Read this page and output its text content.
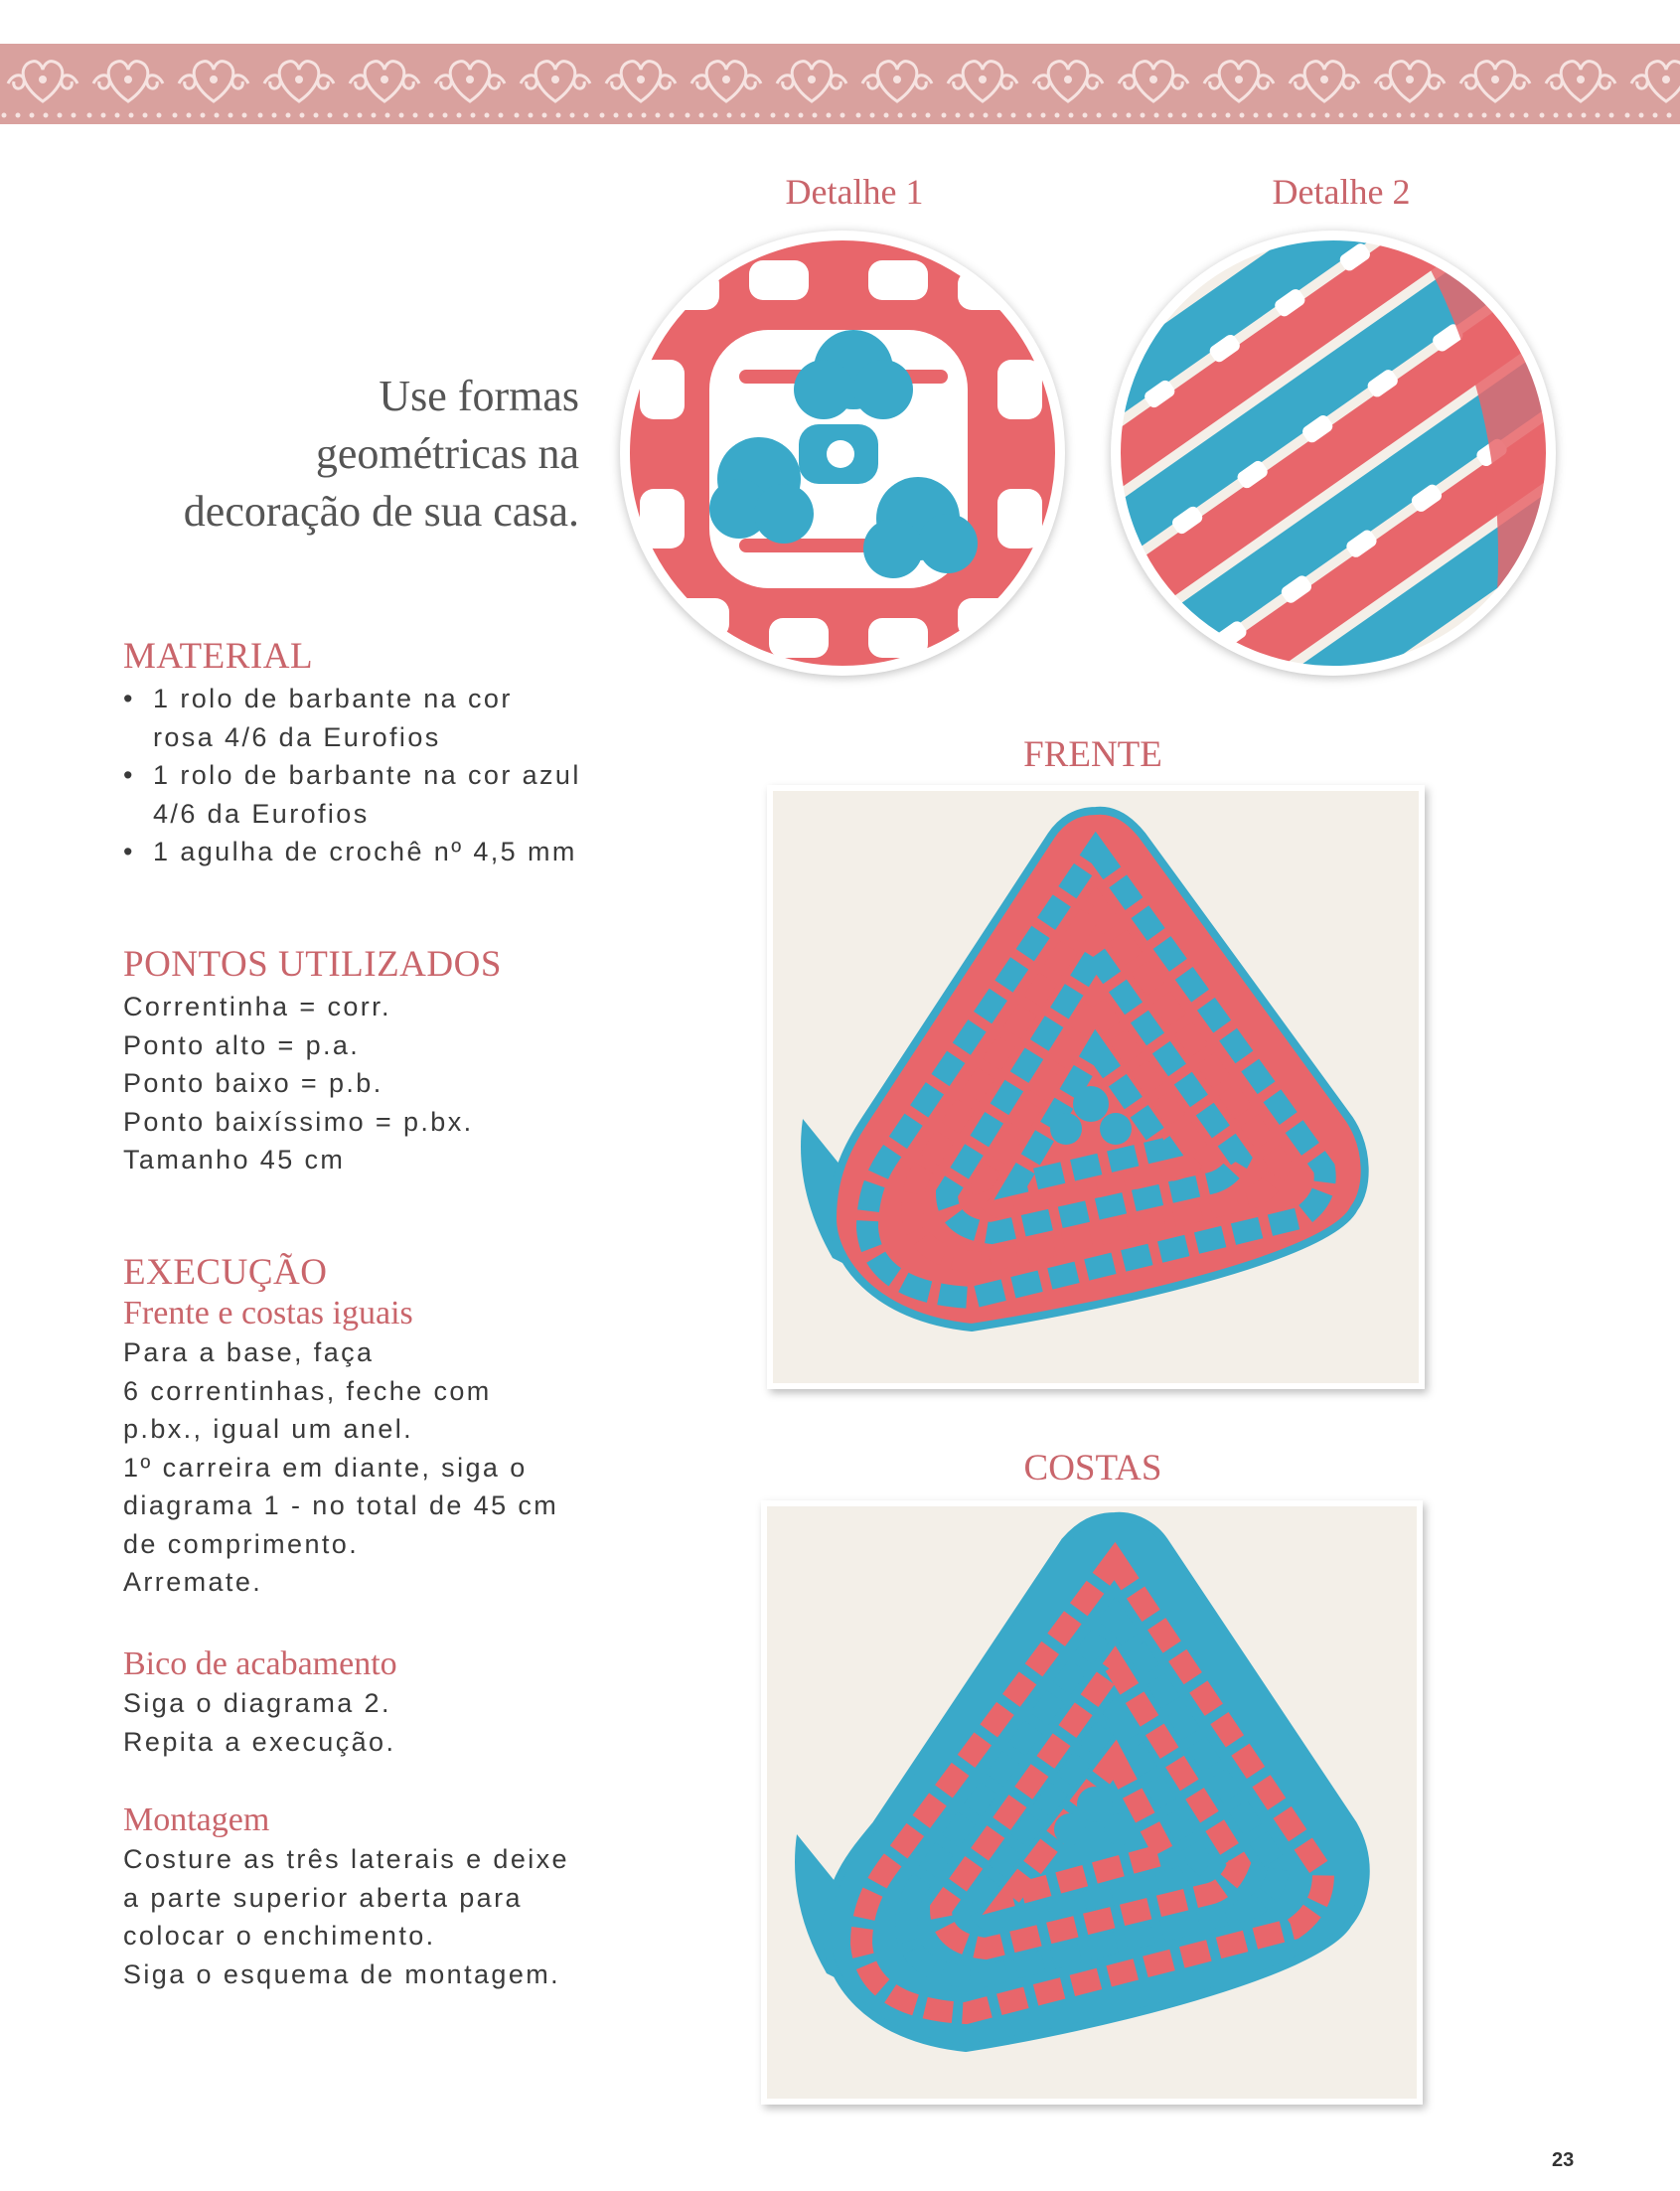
Use formas
geométricas na
decoração de sua casa.
MATERIAL
• 1 rolo de barbante na cor
rosa 4/6 da Eurofios
• 1 rolo de barbante na cor azul
4/6 da Eurofios
• 1 agulha de crochê nº 4,5 mm
PONTOS UTILIZADOS
Correntinha = corr.
Ponto alto = p.a.
Ponto baixo = p.b.
Ponto baixíssimo = p.bx.
Tamanho 45 cm
EXECUÇÃO
Frente e costas iguais
Para a base, faça
6 correntinhas, feche com
p.bx., igual um anel.
1º carreira em diante, siga o
diagrama 1 - no total de 45 cm
de comprimento.
Arremate.
Bico de acabamento
Siga o diagrama 2.
Repita a execução.
Montagem
Costure as três laterais e deixe
a parte superior aberta para
colocar o enchimento.
Siga o esquema de montagem.
Detalhe 1	Detalhe 2
FRENTE
COSTAS
23
